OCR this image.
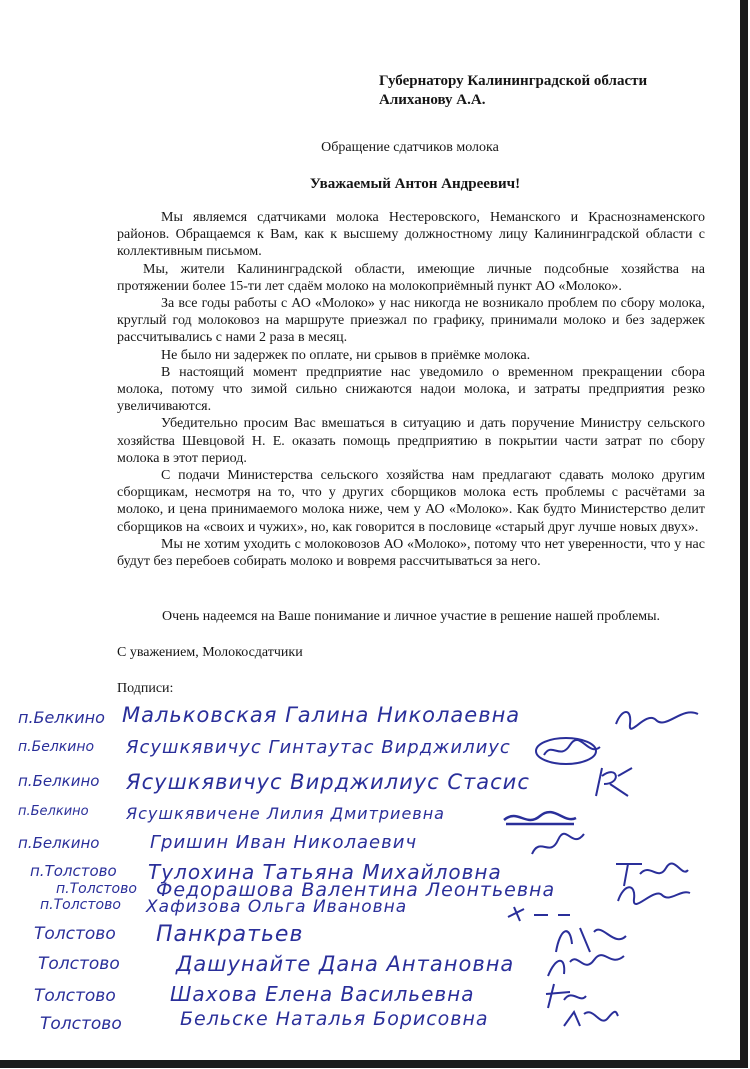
Губернатору Калининградской области
Алиханову А.А.
Обращение сдатчиков молока
Уважаемый Антон Андреевич!

Мы являемся сдатчиками молока Нестеровского, Неманского и Краснознаменского районов. Обращаемся к Вам, как к высшему должностному лицу Калининградской области с коллективным письмом.

Мы, жители Калининградской области, имеющие личные подсобные хозяйства на протяжении более 15-ти лет сдаём молоко на молокоприёмный пункт АО «Молоко».

За все годы работы с АО «Молоко» у нас никогда не возникало проблем по сбору молока, круглый год молоковоз на маршруте приезжал по графику, принимали молоко и без задержек рассчитывались с нами 2 раза в месяц.

Не было ни задержек по оплате, ни срывов в приёмке молока.

В настоящий момент предприятие нас уведомило о временном прекращении сбора молока, потому что зимой сильно снижаются надои молока, и затраты предприятия резко увеличиваются.

Убедительно просим Вас вмешаться в ситуацию и дать поручение Министру сельского хозяйства Шевцовой Н. Е. оказать помощь предприятию в покрытии части затрат по сбору молока в этот период.

С подачи Министерства сельского хозяйства нам предлагают сдавать молоко другим сборщикам, несмотря на то, что у других сборщиков молока есть проблемы с расчётами за молоко, и цена принимаемого молока ниже, чем у АО «Молоко». Как будто Министерство делит сборщиков на «своих и чужих», но, как говорится в пословице «старый друг лучше новых двух».

Мы не хотим уходить с молоковозов АО «Молоко», потому что нет уверенности, что у нас будут без перебоев собирать молоко и вовремя рассчитываться за него.

Очень надеемся на Ваше понимание и личное участие в решение нашей проблемы.
С уважением, Молокосдатчики
Подписи:
п.Белкино Мальковская Галина Николаевна
п.Белкино Ясушкявичус Гинтаутас Вирджилиус
п.Белкино Ясушкявичус Вирджилиус Стасис
п.Белкино Ясушкявичене Лилия Дмитриевна
п.Белкино	Гришин Иван Николаевич
п.Толстово Тулохина Татьяна Михайловна
п.Толстово Федорашова Валентина Леонтьевна
п.Толстово Хафизова Ольга Ивановна
Толстово Панкратьев
Толстово	Дашунайте Дана Антановна
Толстово	Шахова Елена Васильевна
Толстово	Бельске Наталья Борисовна
